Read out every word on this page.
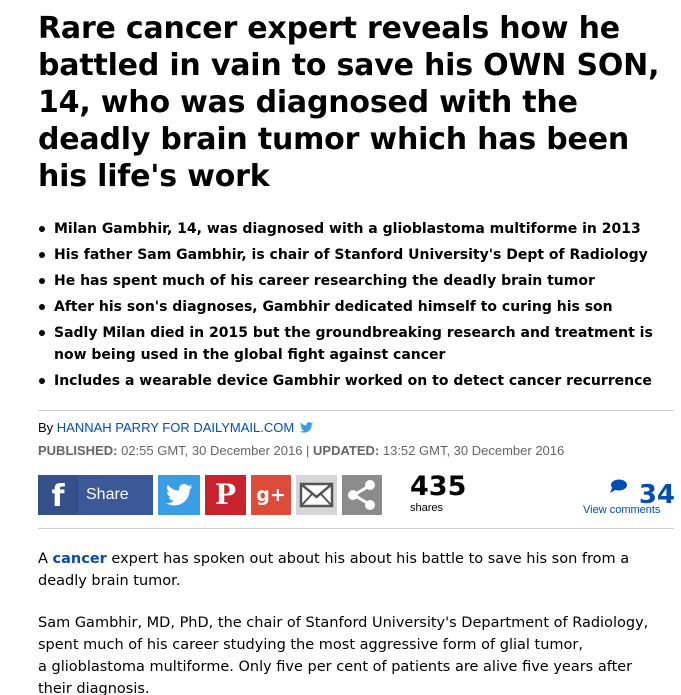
Rare cancer expert reveals how he
battled in vain to save his OWN SON,
14, who was diagnosed with the
deadly brain tumor which has been
his life's work
Milan Gambhir, 14, was diagnosed with a glioblastoma multiforme in 2013
His father Sam Gambhir, is chair of Stanford University's Dept of Radiology
He has spent much of his career researching the deadly brain tumor
After his son's diagnoses, Gambhir dedicated himself to curing his son
Sadly Milan died in 2015 but the groundbreaking research and treatment is
now being used in the global fight against cancer
Includes a wearable device Gambhir worked on to detect cancer recurrence
By HANNAH PARRY FOR DAILYMAIL.COM
PUBLISHED: 02:55 GMT, 30 December 2016 | UPDATED: 13:52 GMT, 30 December 2016
f	Share	P	g+	435
shares	34
View comments
A cancer expert has spoken out about his about his battle to save his son from a
deadly brain tumor.
Sam Gambhir, MD, PhD, the chair of Stanford University's Department of Radiology,
spent much of his career studying the most aggressive form of glial tumor,
a glioblastoma multiforme. Only five per cent of patients are alive five years after
their diagnosis.
